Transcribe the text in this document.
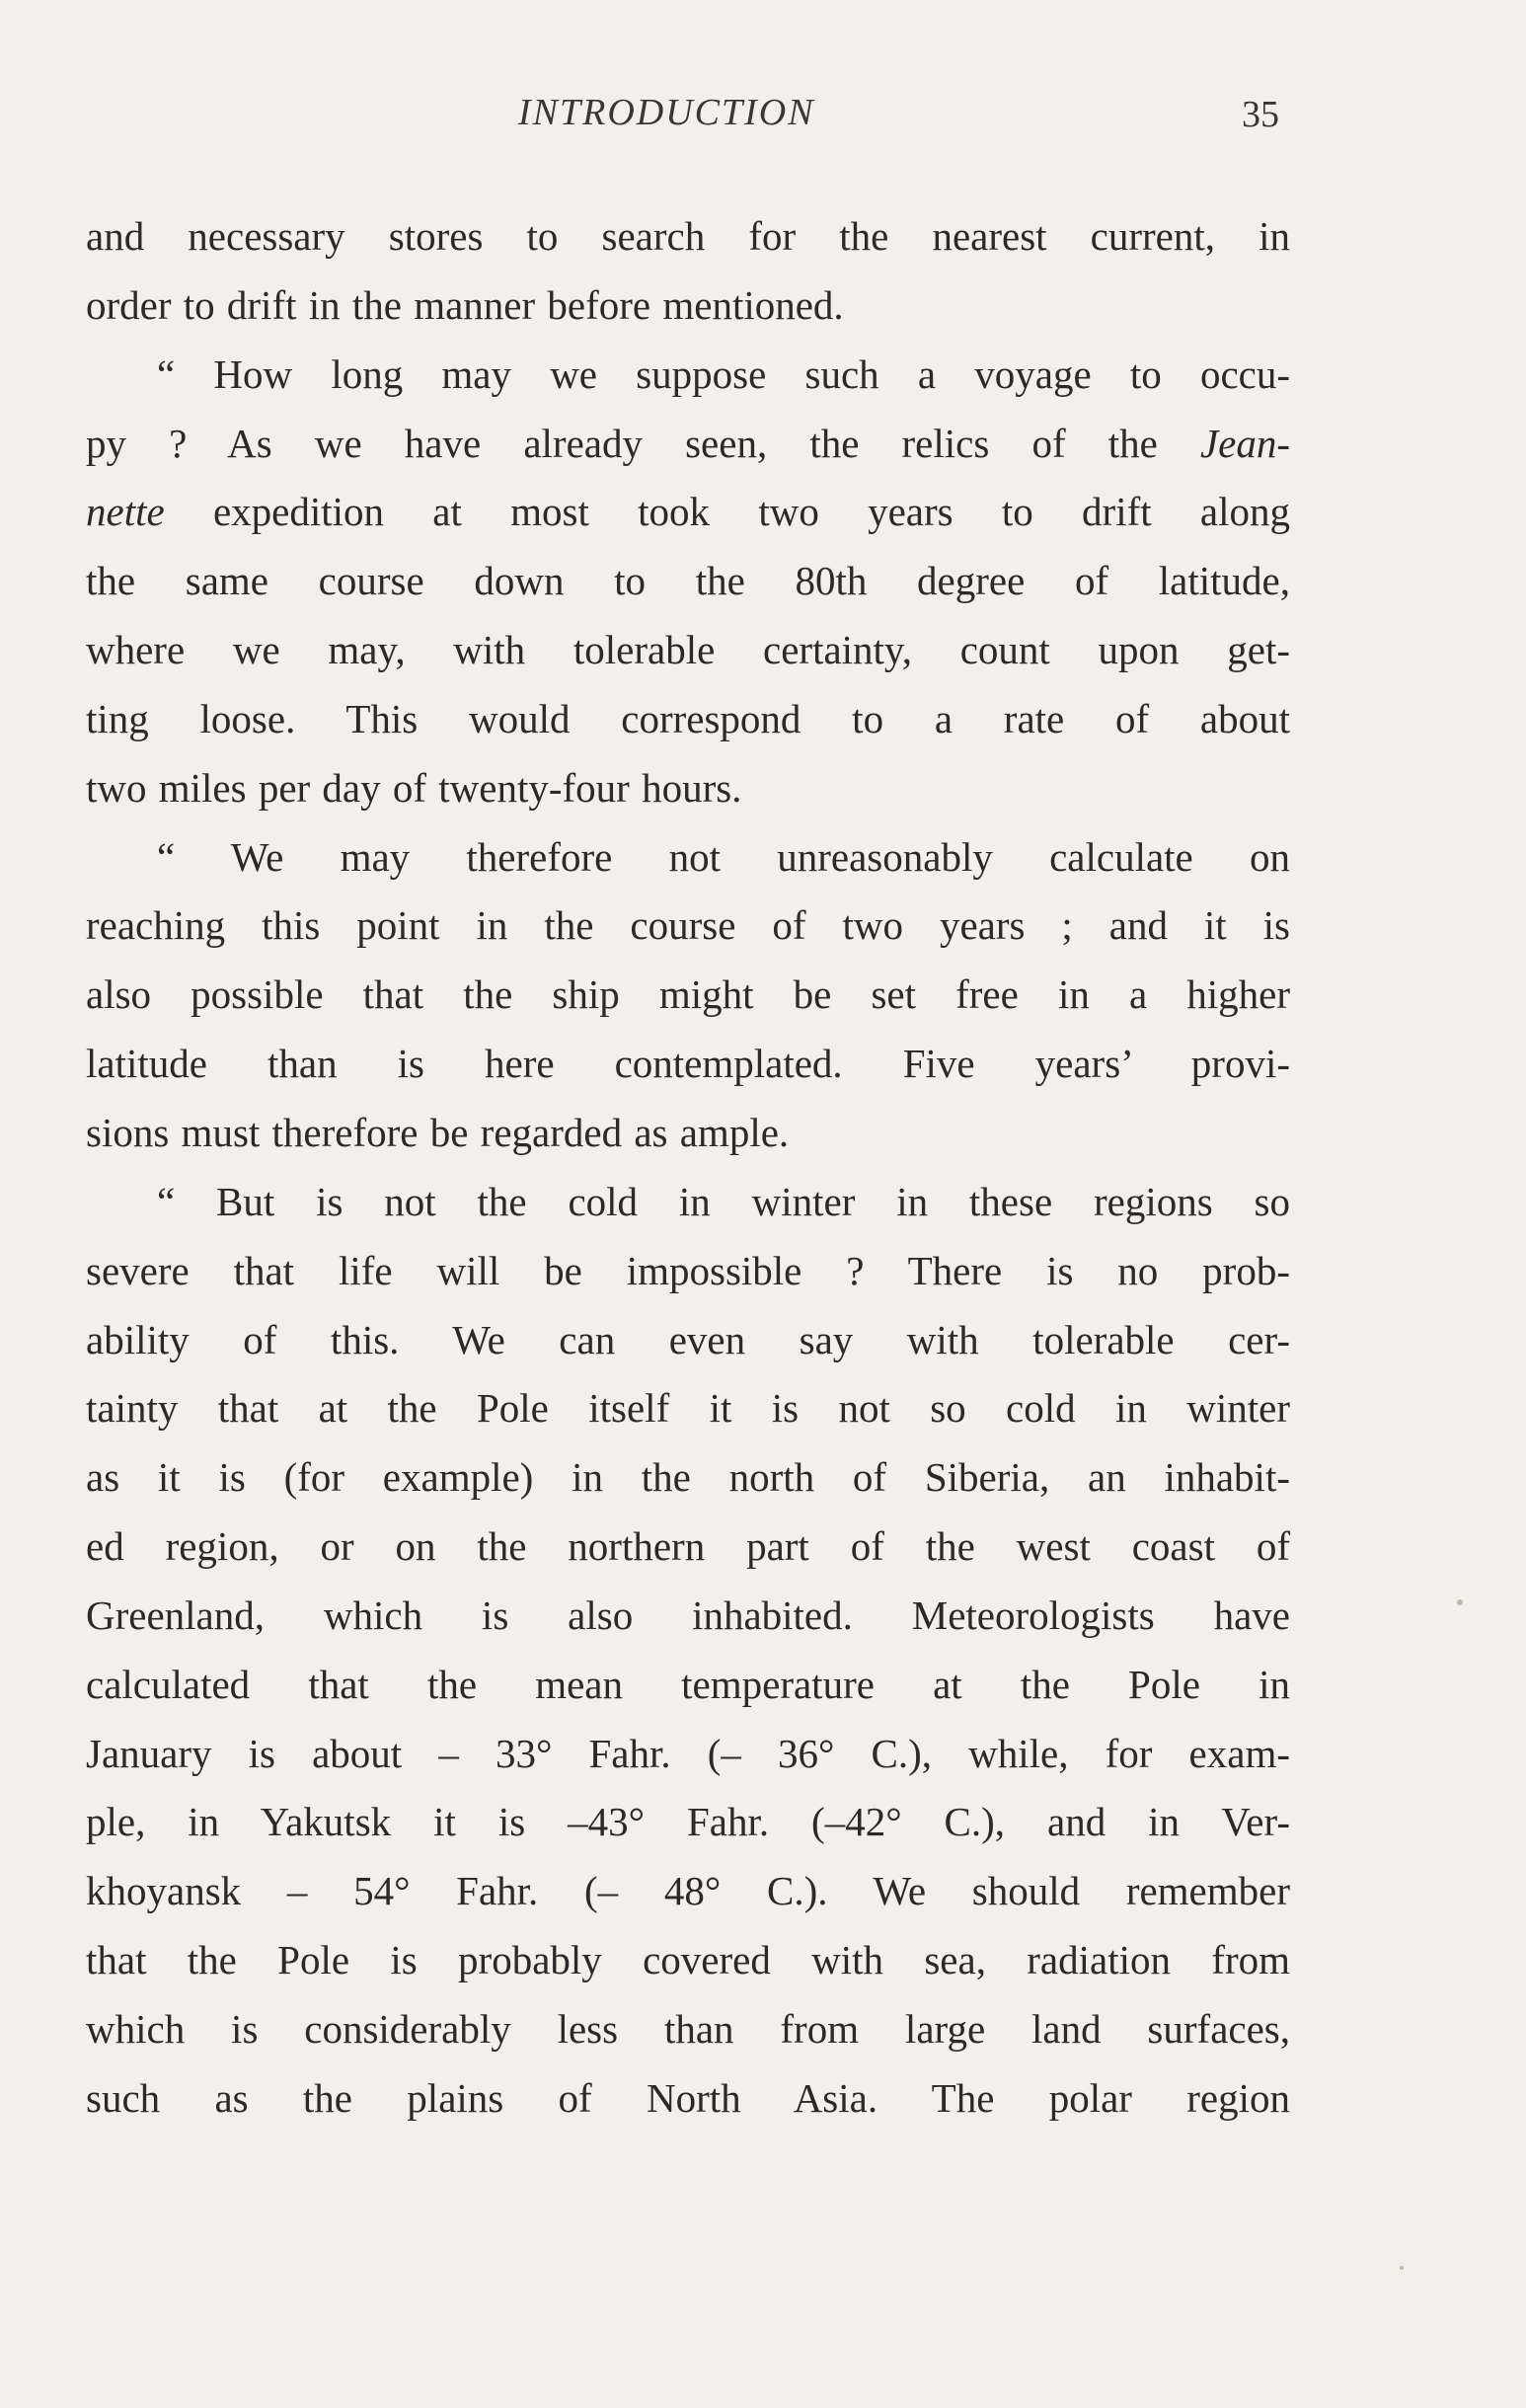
INTRODUCTION	35
and necessary stores to search for the nearest current, in
order to drift in the manner before mentioned.
“ How long may we suppose such a voyage to occu-
py ? As we have already seen, the relics of the Jean-
nette expedition at most took two years to drift along
the same course down to the 80th degree of latitude,
where we may, with tolerable certainty, count upon get-
ting loose. This would correspond to a rate of about
two miles per day of twenty-four hours.
“ We may therefore not unreasonably calculate on
reaching this point in the course of two years ; and it is
also possible that the ship might be set free in a higher
latitude than is here contemplated. Five years’ provi-
sions must therefore be regarded as ample.
“ But is not the cold in winter in these regions so
severe that life will be impossible ? There is no prob-
ability of this. We can even say with tolerable cer-
tainty that at the Pole itself it is not so cold in winter
as it is (for example) in the north of Siberia, an inhabit-
ed region, or on the northern part of the west coast of
Greenland, which is also inhabited. Meteorologists have
calculated that the mean temperature at the Pole in
January is about – 33° Fahr. (– 36° C.), while, for exam-
ple, in Yakutsk it is –43° Fahr. (–42° C.), and in Ver-
khoyansk – 54° Fahr. (– 48° C.). We should remember
that the Pole is probably covered with sea, radiation from
which is considerably less than from large land surfaces,
such as the plains of North Asia. The polar region
